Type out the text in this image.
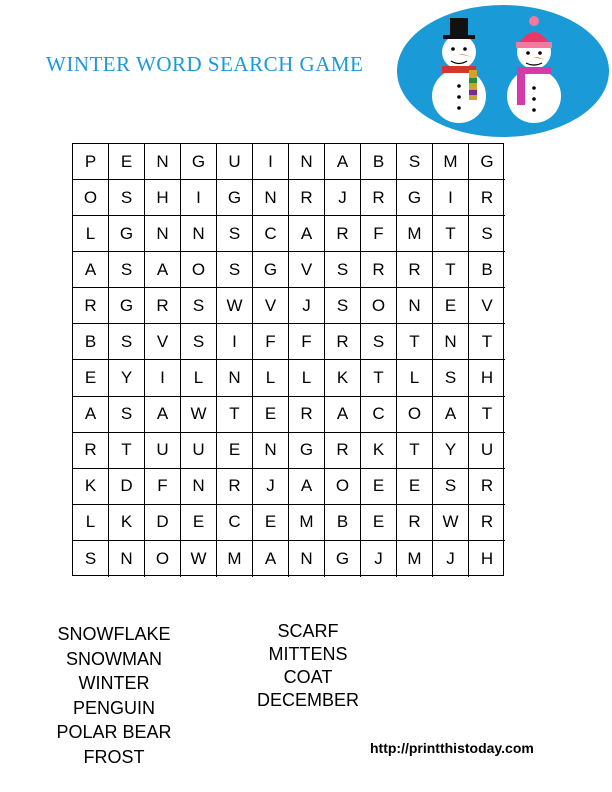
WINTER WORD SEARCH GAME
P	E	N	G	U	I	N	A	B	S	M	G
O	S	H	I	G	N	R	J	R	G	I	R
L	G	N	N	S	C	A	R	F	M	T	S
A	S	A	O	S	G	V	S	R	R	T	B
R	G	R	S	W	V	J	S	O	N	E	V
B	S	V	S	I	F	F	R	S	T	N	T
E	Y	I	L	N	L	L	K	T	L	S	H
A	S	A	W	T	E	R	A	C	O	A	T
R	T	U	U	E	N	G	R	K	T	Y	U
K	D	F	N	R	J	A	O	E	E	S	R
L	K	D	E	C	E	M	B	E	R	W	R
S	N	O	W	M	A	N	G	J	M	J	H
SNOWFLAKE
SNOWMAN
WINTER
PENGUIN
POLAR BEAR
FROST
SCARF
MITTENS
COAT
DECEMBER
http://printthistoday.com
